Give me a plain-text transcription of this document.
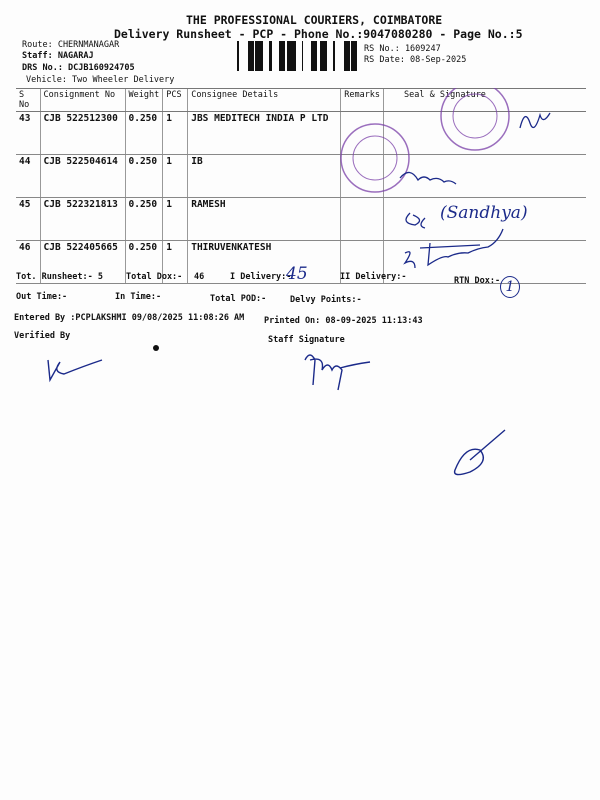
THE PROFESSIONAL COURIERS, COIMBATORE
Delivery Runsheet - PCP - Phone No.:9047080280 - Page No.:5
Route: CHERNMANAGAR
Staff: NAGARAJ
DRS No.: DCJB160924705
Vehicle: Two Wheeler Delivery
RS No.: 1609247
RS Date: 08-Sep-2025
S No	Consignment No	Weight	PCS	Consignee Details	Remarks	Seal & Signature
43	CJB 522512300	0.250	1	JBS MEDITECH INDIA P LTD		
44	CJB 522504614	0.250	1	IB		
45	CJB 522321813	0.250	1	RAMESH		
46	CJB 522405665	0.250	1	THIRUVENKATESH		
(Sandhya)
Tot. Runsheet:- 5	Total Dox:- 46	I Delivery:-
45	II Delivery:-	RTN Dox:- 1
Out Time:-	In Time:-	Total POD:-	Delvy Points:-
Entered By :PCPLAKSHMI 09/08/2025 11:08:26 AM Printed On: 08-09-2025 11:13:43
Verified By	Staff Signature
